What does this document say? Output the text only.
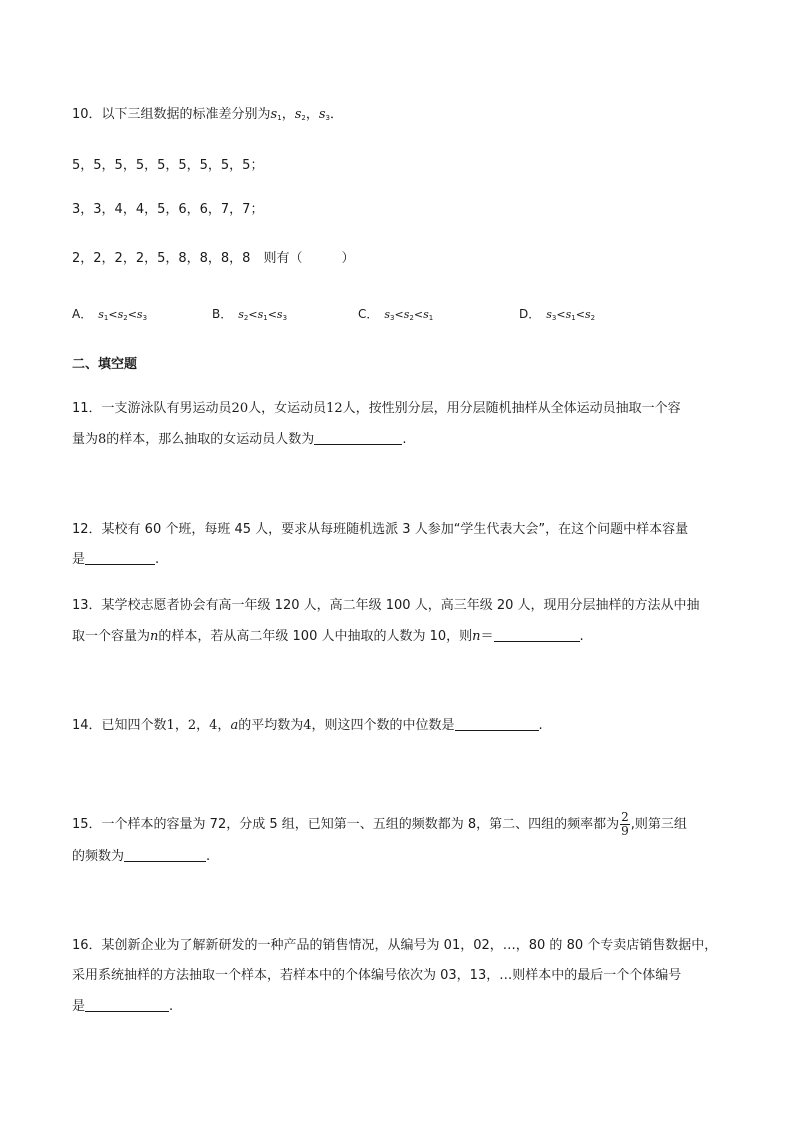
10．以下三组数据的标准差分别为$s_1$，$s_2$，$s_3$．
5，5，5，5，5，5，5，5，5；
3，3，4，4，5，6，6，7，7；
2，2，2，2，5，8，8，8，8　则有（　　　）
A． $s_1<s_2<s_3$	B． $s_2<s_1<s_3$	C． $s_3<s_2<s_1$	D． $s_3<s_1<s_2$
二、填空题
11．一支游泳队有男运动员20人，女运动员12人，按性别分层，用分层随机抽样从全体运动员抽取一个容
量为8的样本，那么抽取的女运动员人数为	.
12．某校有 60 个班，每班 45 人，要求从每班随机选派 3 人参加“学生代表大会”，在这个问题中样本容量
是	.
13．某学校志愿者协会有高一年级 120 人，高二年级 100 人，高三年级 20 人，现用分层抽样的方法从中抽
取一个容量为n的样本，若从高二年级 100 人中抽取的人数为 10，则n＝	.
14．已知四个数1，2，4，a的平均数为4，则这四个数的中位数是	.
15．一个样本的容量为 72，分成 5 组，已知第一、五组的频数都为 8，第二、四组的频率都为 $\frac{2}{9}$ ,则第三组
的频数为	.
16．某创新企业为了解新研发的一种产品的销售情况，从编号为 01，02，…，80 的 80 个专卖店销售数据中，
采用系统抽样的方法抽取一个样本，若样本中的个体编号依次为 03，13，…则样本中的最后一个个体编号
是	.
